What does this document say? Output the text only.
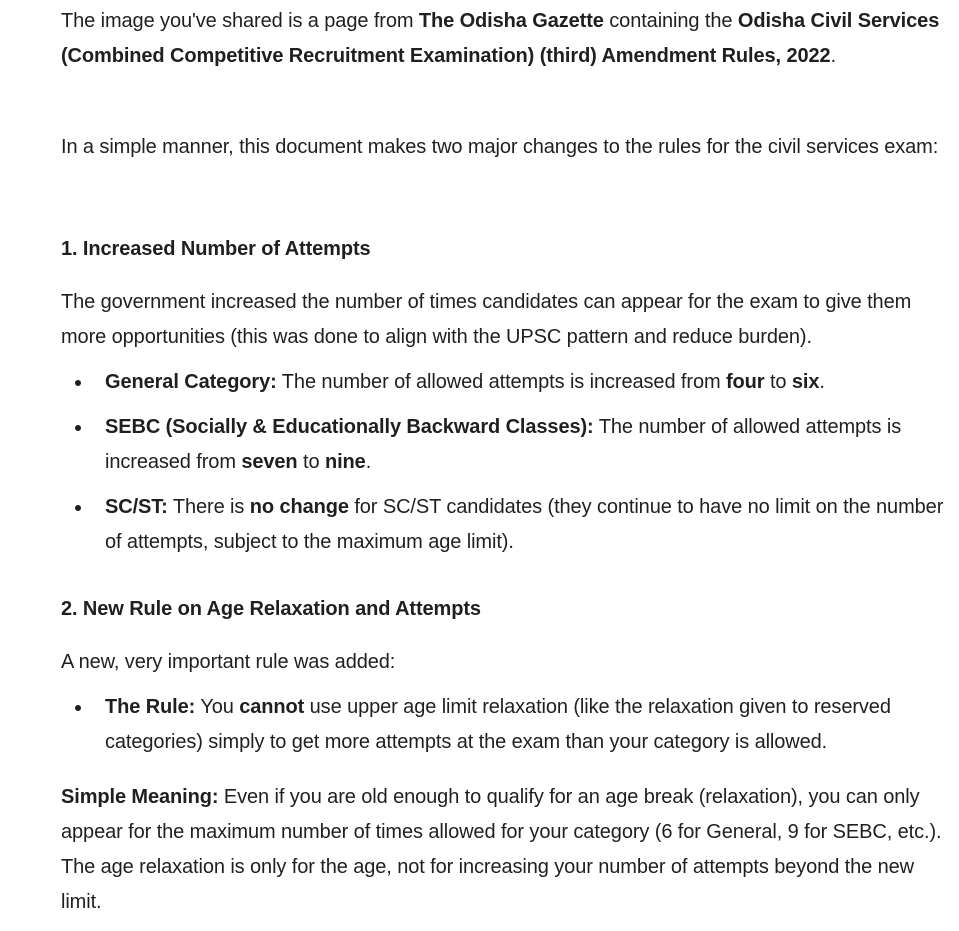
The image you've shared is a page from The Odisha Gazette containing the Odisha Civil Services (Combined Competitive Recruitment Examination) (third) Amendment Rules, 2022.

In a simple manner, this document makes two major changes to the rules for the civil services exam:

1. Increased Number of Attempts

The government increased the number of times candidates can appear for the exam to give them more opportunities (this was done to align with the UPSC pattern and reduce burden).

General Category: The number of allowed attempts is increased from four to six.
SEBC (Socially & Educationally Backward Classes): The number of allowed attempts is increased from seven to nine.
SC/ST: There is no change for SC/ST candidates (they continue to have no limit on the number of attempts, subject to the maximum age limit).
2. New Rule on Age Relaxation and Attempts

A new, very important rule was added:

The Rule: You cannot use upper age limit relaxation (like the relaxation given to reserved categories) simply to get more attempts at the exam than your category is allowed.

Simple Meaning: Even if you are old enough to qualify for an age break (relaxation), you can only appear for the maximum number of times allowed for your category (6 for General, 9 for SEBC, etc.). The age relaxation is only for the age, not for increasing your number of attempts beyond the new limit.
